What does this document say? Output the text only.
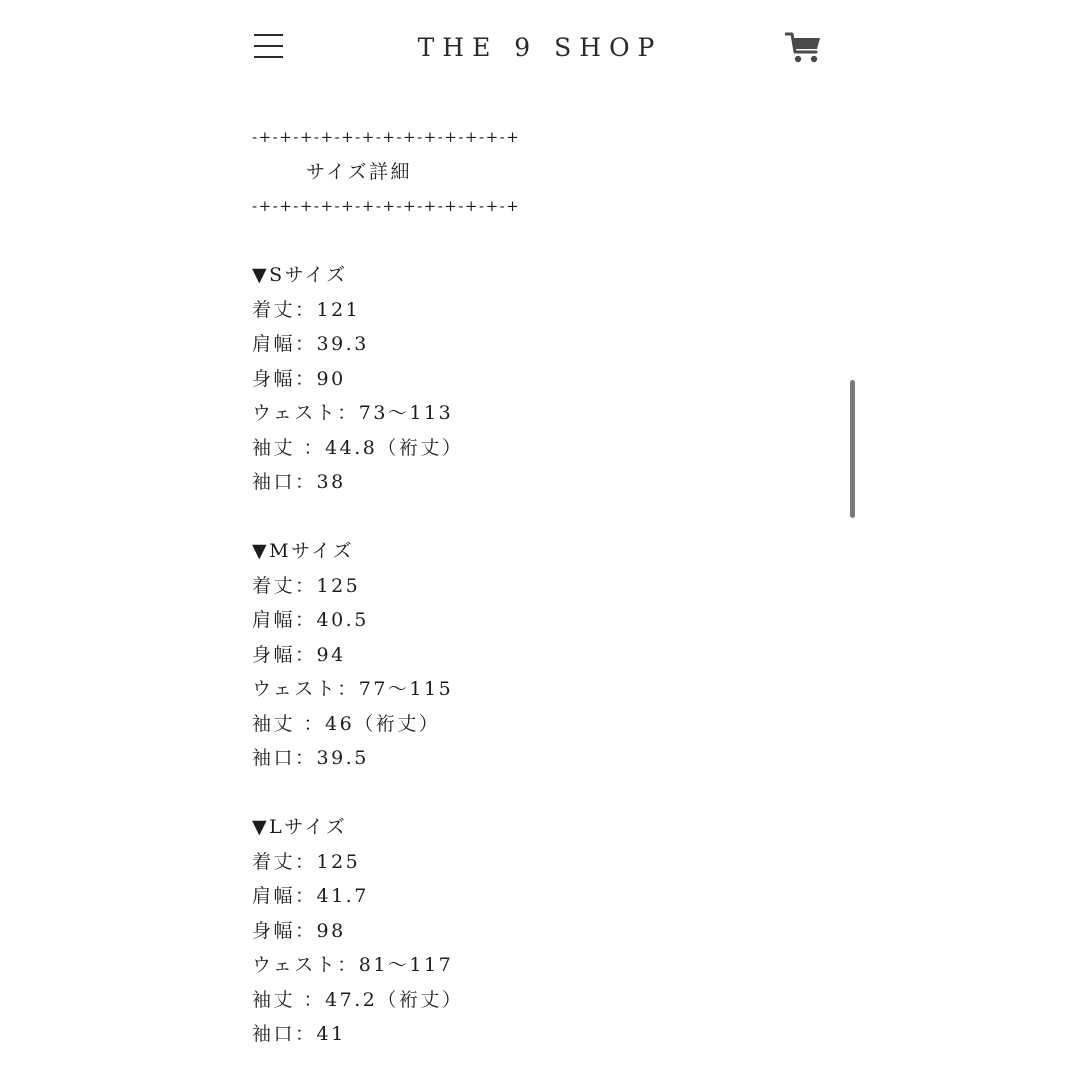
THE 9 SHOP
-+-+-+-+-+-+-+-+-+-+-+-+-+
サイズ詳細
-+-+-+-+-+-+-+-+-+-+-+-+-+
▼Sサイズ
着丈：121
肩幅：39.3
身幅：90
ウェスト：73〜113
袖丈 ：44.8（裄丈）
袖口：38
▼Mサイズ
着丈：125
肩幅：40.5
身幅：94
ウェスト：77〜115
袖丈 ：46（裄丈）
袖口：39.5
▼Lサイズ
着丈：125
肩幅：41.7
身幅：98
ウェスト：81〜117
袖丈 ：47.2（裄丈）
袖口：41
